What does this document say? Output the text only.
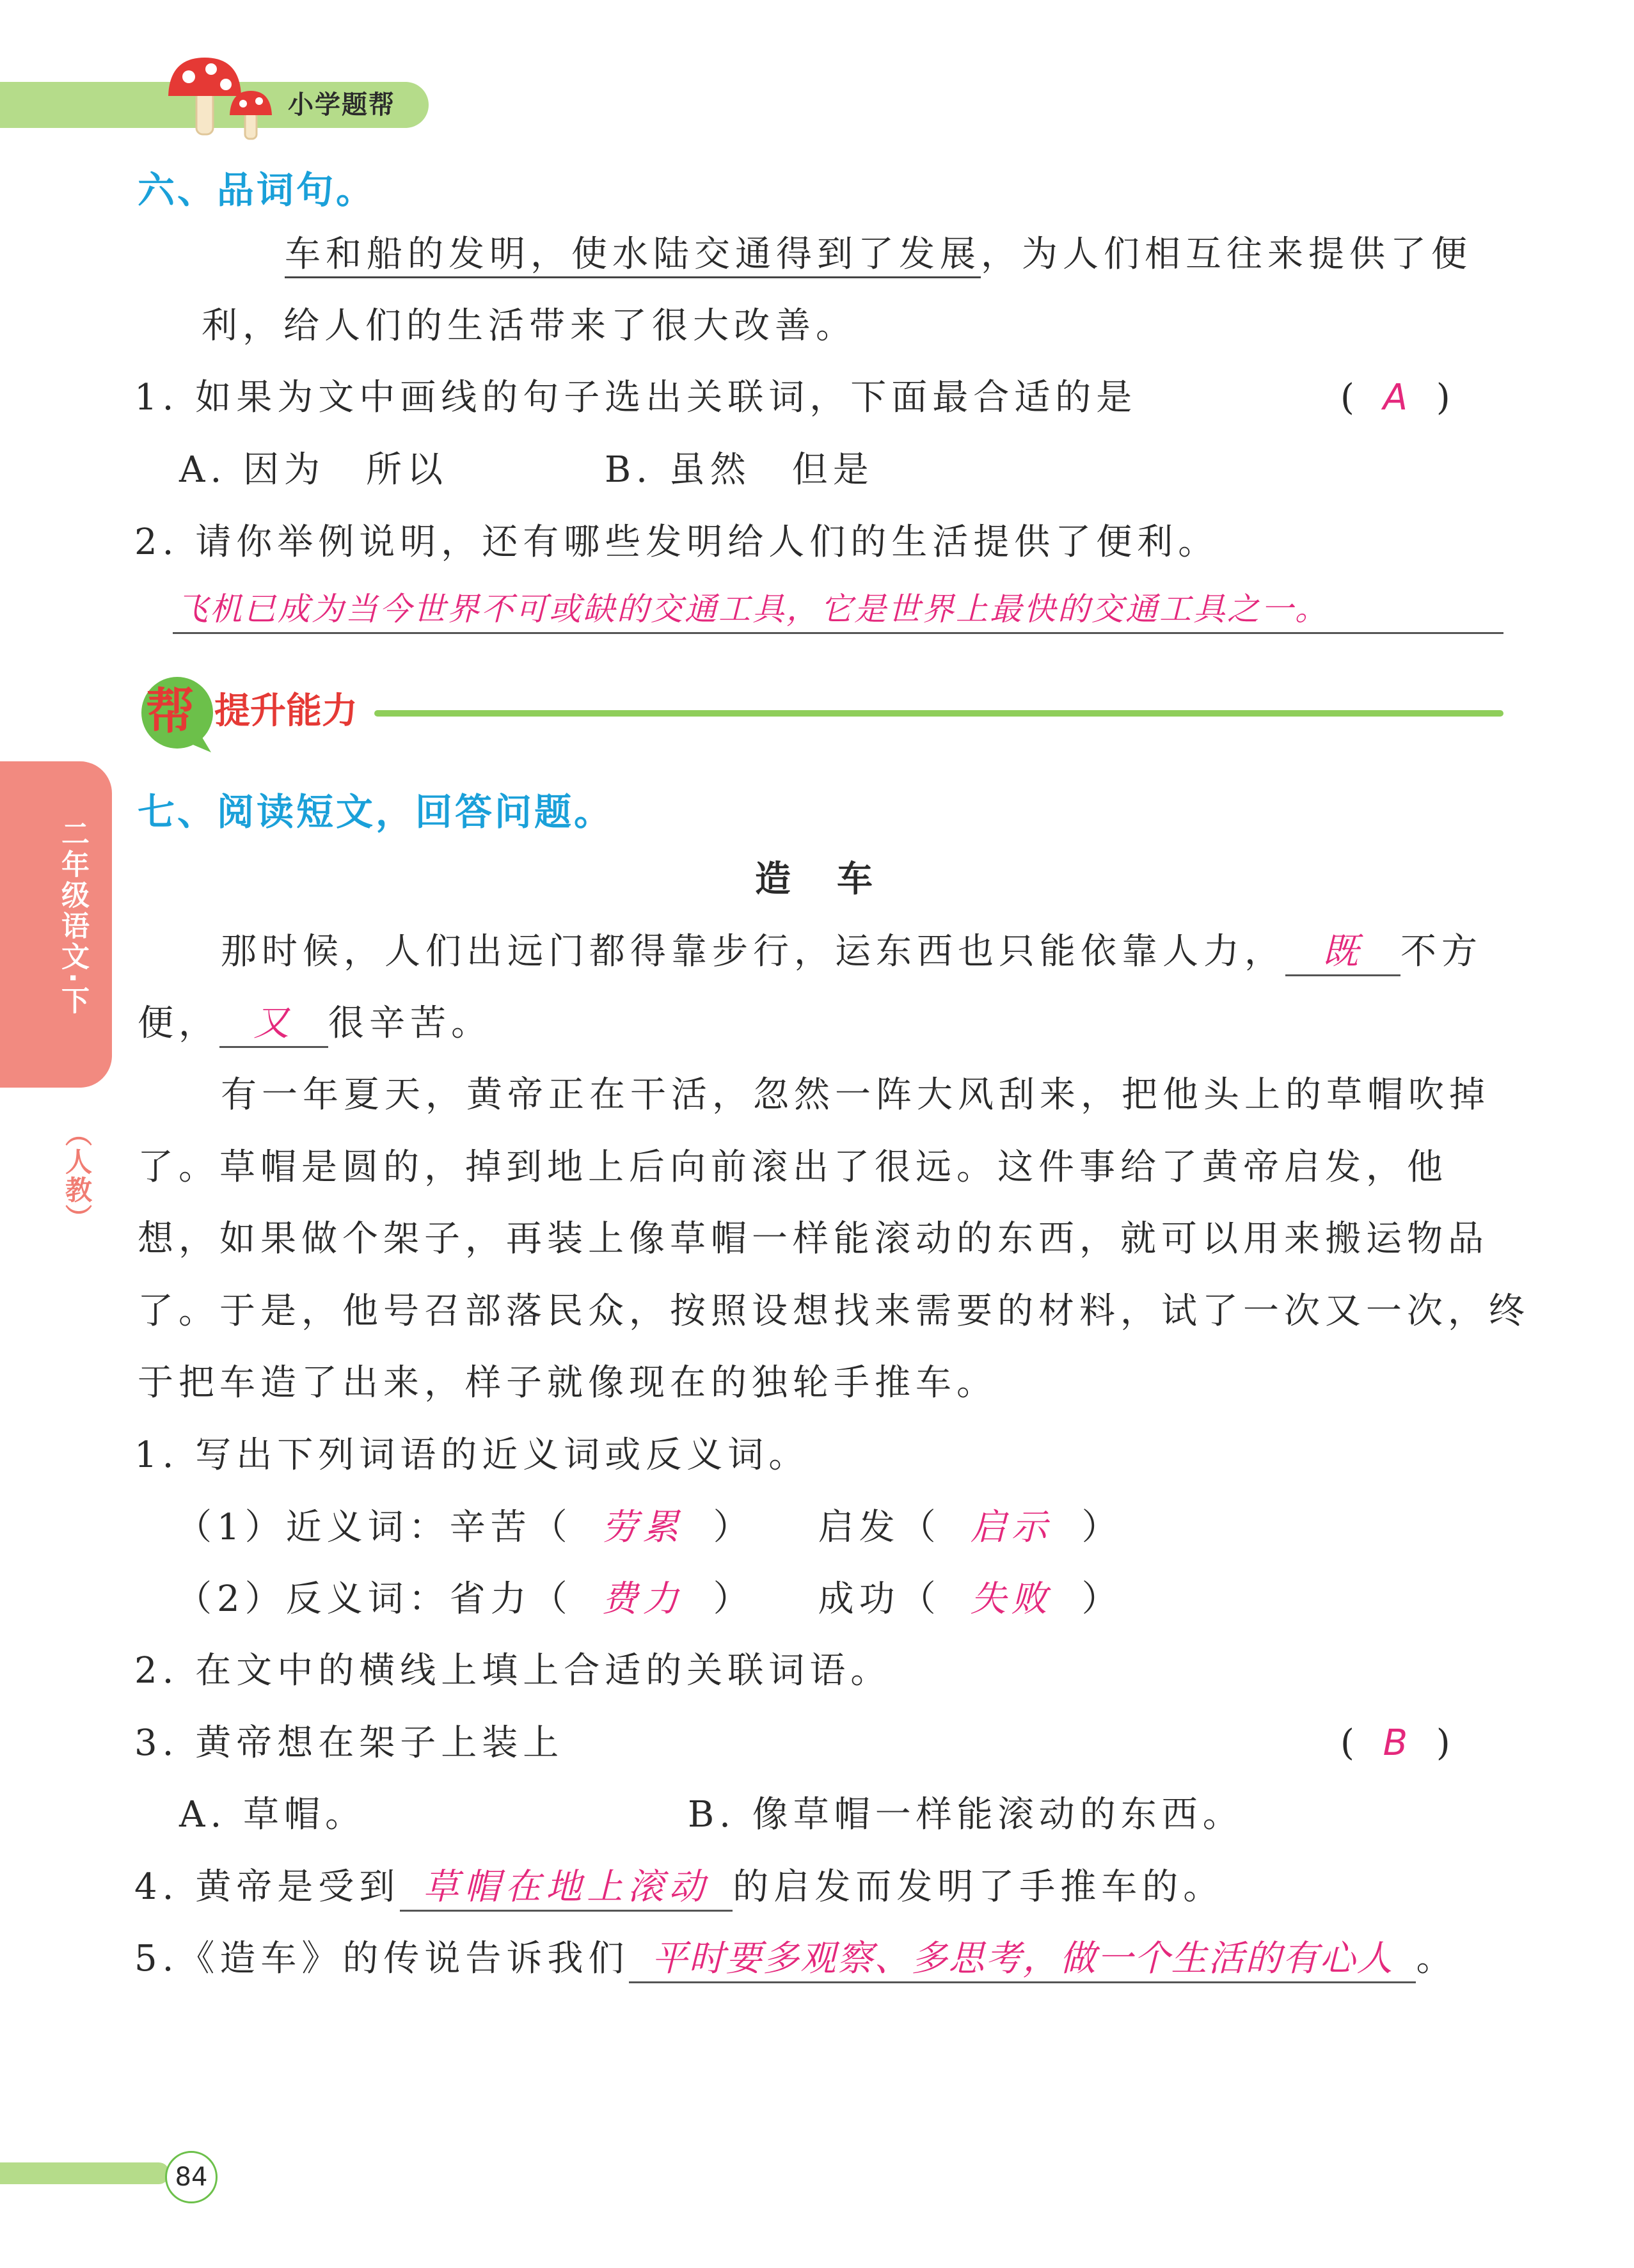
小学题帮
六、品词句。
车和船的发明，使水陆交通得到了发展，为人们相互往来提供了便
利，给人们的生活带来了很大改善。
1. 如果为文中画线的句子选出关联词，下面最合适的是	( A )
A. 因为　所以	B. 虽然　但是
2. 请你举例说明，还有哪些发明给人们的生活提供了便利。
飞机已成为当今世界不可或缺的交通工具，它是世界上最快的交通工具之一。
帮 提升能力
二年级语文·下
（人教）
七、阅读短文，回答问题。
造　车
那时候，人们出远门都得靠步行，运东西也只能依靠人力， 既 不方
便， 又 很辛苦。
有一年夏天，黄帝正在干活，忽然一阵大风刮来，把他头上的草帽吹掉
了。草帽是圆的，掉到地上后向前滚出了很远。这件事给了黄帝启发，他
想，如果做个架子，再装上像草帽一样能滚动的东西，就可以用来搬运物品
了。于是，他号召部落民众，按照设想找来需要的材料，试了一次又一次，终
于把车造了出来，样子就像现在的独轮手推车。
1. 写出下列词语的近义词或反义词。
（1）近义词：辛苦（ 劳累 ）　　启发（ 启示 ）
（2）反义词：省力（ 费力 ）　　成功（ 失败 ）
2. 在文中的横线上填上合适的关联词语。
3. 黄帝想在架子上装上	( B )
A. 草帽。	B. 像草帽一样能滚动的东西。
4. 黄帝是受到 草帽在地上滚动 的启发而发明了手推车的。
5.《造车》的传说告诉我们 平时要多观察、多思考，做一个生活的有心人 。
84
